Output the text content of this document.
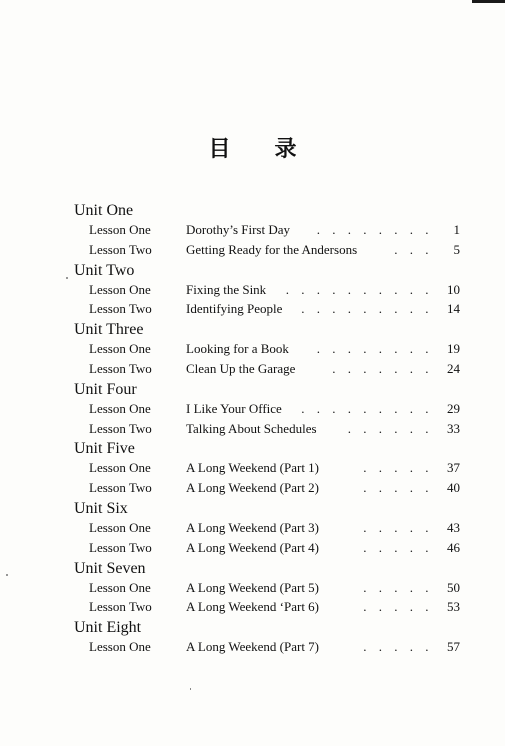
目 录
Unit One
Lesson One	Dorothy’s First Day . . . . . . . . 1
Lesson Two	Getting Ready for the Andersons	. . . 5
Unit Two
Lesson One	Fixing the Sink . . . . . . . . . . 10
Lesson Two	Identifying People . . . . . . . . . 14
Unit Three
Lesson One	Looking for a Book . . . . . . . . 19
Lesson Two	Clean Up the Garage	. . . . . . . 24
Unit Four
Lesson One	I Like Your Office . . . . . . . . . 29
Lesson Two	Talking About Schedules . . . . . . 33
Unit Five
Lesson One	A Long Weekend (Part 1)	. . . . . 37
Lesson Two	A Long Weekend (Part 2)	. . . . . 40
Unit Six
Lesson One	A Long Weekend (Part 3)	. . . . . 43
Lesson Two	A Long Weekend (Part 4)	. . . . . 46
Unit Seven
Lesson One	A Long Weekend (Part 5)	. . . . . 50
Lesson Two	A Long Weekend ‘Part 6)	. . . . . 53
Unit Eight
Lesson One	A Long Weekend (Part 7)	. . . . . 57
